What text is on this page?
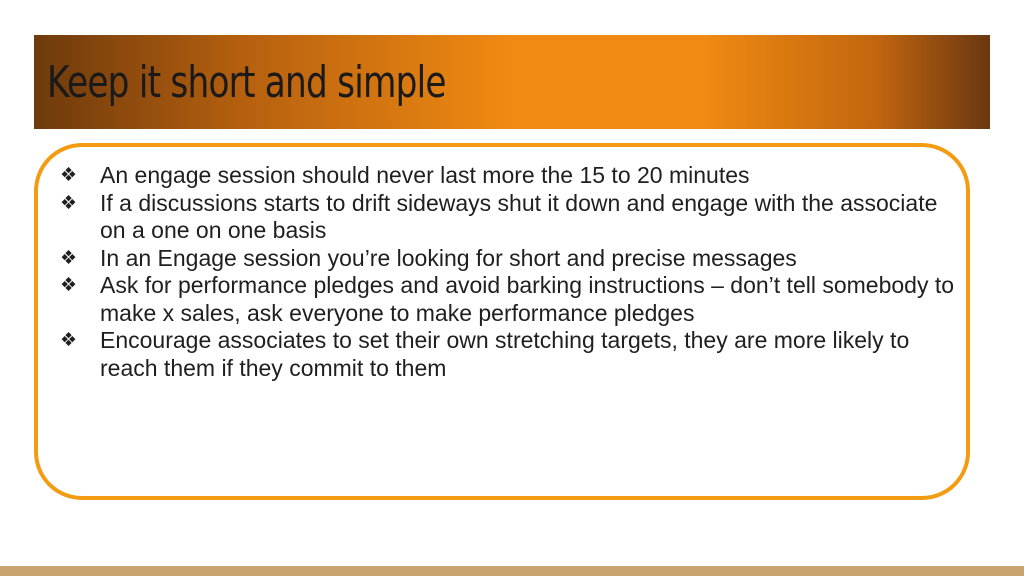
Keep it short and simple
❖ An engage session should never last more the 15 to 20 minutes
❖ If a discussions starts to drift sideways shut it down and engage with the associate on a one on one basis
❖ In an Engage session you’re looking for short and precise messages
❖ Ask for performance pledges and avoid barking instructions – don’t tell somebody to make x sales, ask everyone to make performance pledges
❖ Encourage associates to set their own stretching targets, they are more likely to reach them if they commit to them
